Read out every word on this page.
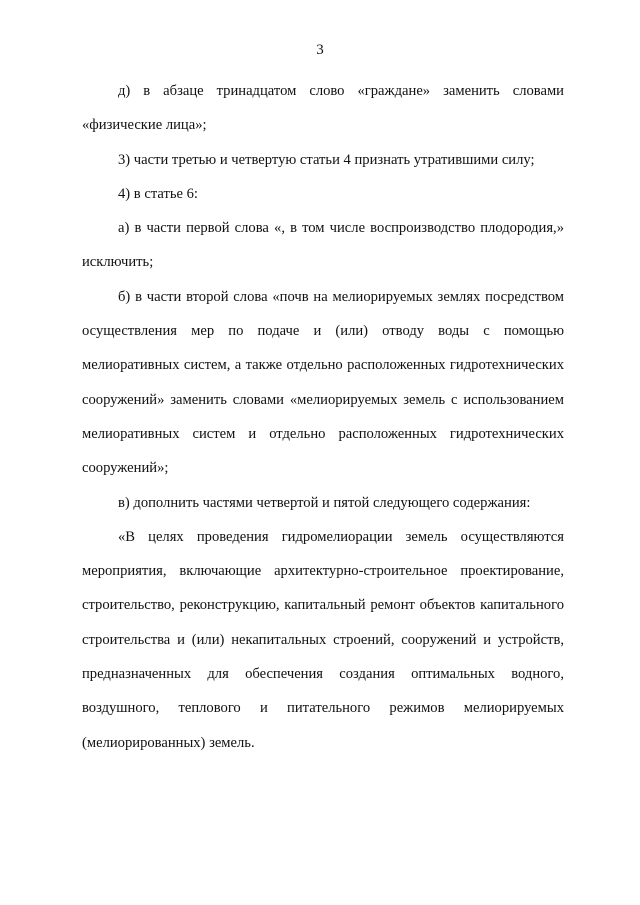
3

д) в абзаце тринадцатом слово «граждане» заменить словами «физические лица»;

3) части третью и четвертую статьи 4 признать утратившими силу;

4) в статье 6:

а) в части первой слова «, в том числе воспроизводство плодородия,» исключить;

б) в части второй слова «почв на мелиорируемых землях посредством осуществления мер по подаче и (или) отводу воды с помощью мелиоративных систем, а также отдельно расположенных гидротехнических сооружений» заменить словами «мелиорируемых земель с использованием мелиоративных систем и отдельно расположенных гидротехнических сооружений»;

в) дополнить частями четвертой и пятой следующего содержания:

«В целях проведения гидромелиорации земель осуществляются мероприятия, включающие архитектурно-строительное проектирование, строительство, реконструкцию, капитальный ремонт объектов капитального строительства и (или) некапитальных строений, сооружений и устройств, предназначенных для обеспечения создания оптимальных водного, воздушного, теплового и питательного режимов мелиорируемых (мелиорированных) земель.
